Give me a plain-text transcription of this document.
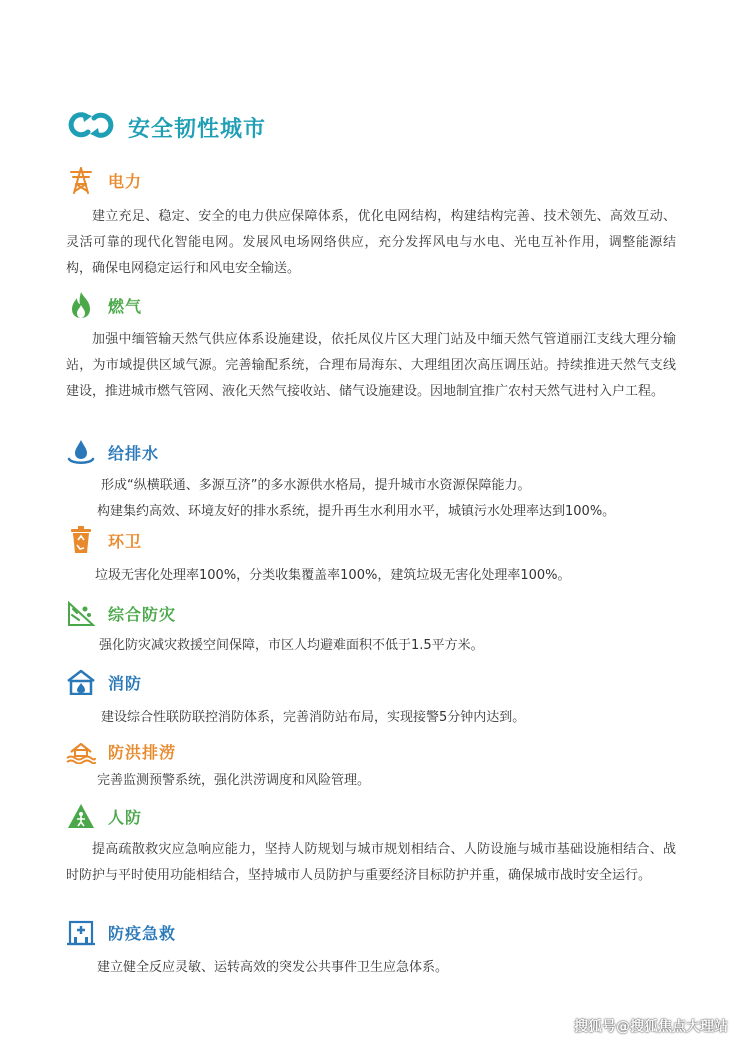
安全韧性城市
电力
建立充足、稳定、安全的电力供应保障体系，优化电网结构，构建结构完善、技术领先、高效互动、灵活可靠的现代化智能电网。发展风电场网络供应，充分发挥风电与水电、光电互补作用，调整能源结构，确保电网稳定运行和风电安全输送。
燃气
加强中缅管输天然气供应体系设施建设，依托凤仪片区大理门站及中缅天然气管道丽江支线大理分输站，为市域提供区域气源。完善输配系统，合理布局海东、大理组团次高压调压站。持续推进天然气支线建设，推进城市燃气管网、液化天然气接收站、储气设施建设。因地制宜推广农村天然气进村入户工程。
给排水
形成“纵横联通、多源互济”的多水源供水格局，提升城市水资源保障能力。
构建集约高效、环境友好的排水系统，提升再生水利用水平，城镇污水处理率达到100%。
环卫
垃圾无害化处理率100%，分类收集覆盖率100%，建筑垃圾无害化处理率100%。
综合防灾
强化防灾减灾救援空间保障，市区人均避难面积不低于1.5平方米。
消防
建设综合性联防联控消防体系，完善消防站布局，实现接警5分钟内达到。
防洪排涝
完善监测预警系统，强化洪涝调度和风险管理。
人防
提高疏散救灾应急响应能力，坚持人防规划与城市规划相结合、人防设施与城市基础设施相结合、战时防护与平时使用功能相结合，坚持城市人员防护与重要经济目标防护并重，确保城市战时安全运行。
防疫急救
建立健全反应灵敏、运转高效的突发公共事件卫生应急体系。
搜狐号@搜狐焦点大理站
